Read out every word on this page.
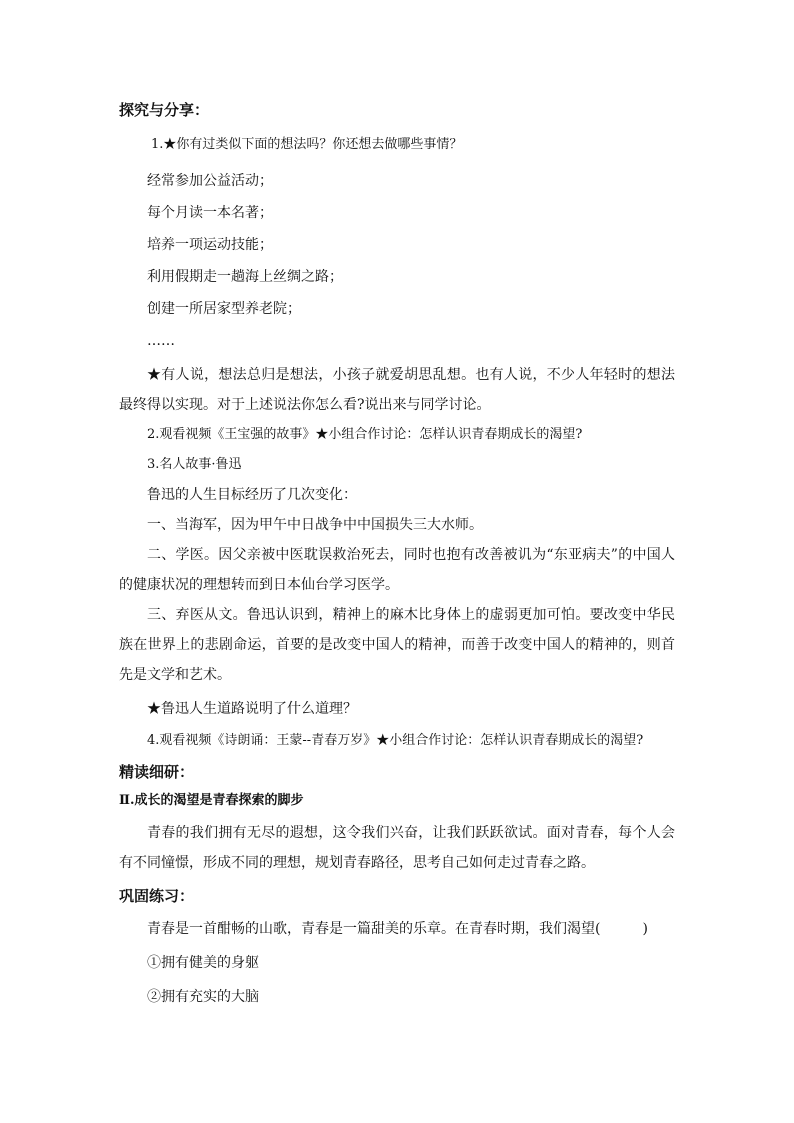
探究与分享：

1.★你有过类似下面的想法吗？你还想去做哪些事情？

经常参加公益活动；

每个月读一本名著；

培养一项运动技能；

利用假期走一趟海上丝绸之路；

创建一所居家型养老院；

……

★有人说，想法总归是想法，小孩子就爱胡思乱想。也有人说，不少人年轻时的想法最终得以实现。对于上述说法你怎么看?说出来与同学讨论。

2.观看视频《王宝强的故事》★小组合作讨论：怎样认识青春期成长的渴望?

3.名人故事·鲁迅

鲁迅的人生目标经历了几次变化：

一、当海军，因为甲午中日战争中中国损失三大水师。

二、学医。因父亲被中医耽误救治死去，同时也抱有改善被讥为“东亚病夫”的中国人的健康状况的理想转而到日本仙台学习医学。

三、弃医从文。鲁迅认识到，精神上的麻木比身体上的虚弱更加可怕。要改变中华民族在世界上的悲剧命运，首要的是改变中国人的精神，而善于改变中国人的精神的，则首先是文学和艺术。

★鲁迅人生道路说明了什么道理？

4.观看视频《诗朗诵：王蒙--青春万岁》★小组合作讨论：怎样认识青春期成长的渴望?

精读细研：

Ⅱ.成长的渴望是青春探索的脚步

青春的我们拥有无尽的遐想，这令我们兴奋，让我们跃跃欲试。面对青春，每个人会有不同憧憬，形成不同的理想，规划青春路径，思考自己如何走过青春之路。

巩固练习：

青春是一首酣畅的山歌，青春是一篇甜美的乐章。在青春时期，我们渴望(	)

①拥有健美的身躯

②拥有充实的大脑
